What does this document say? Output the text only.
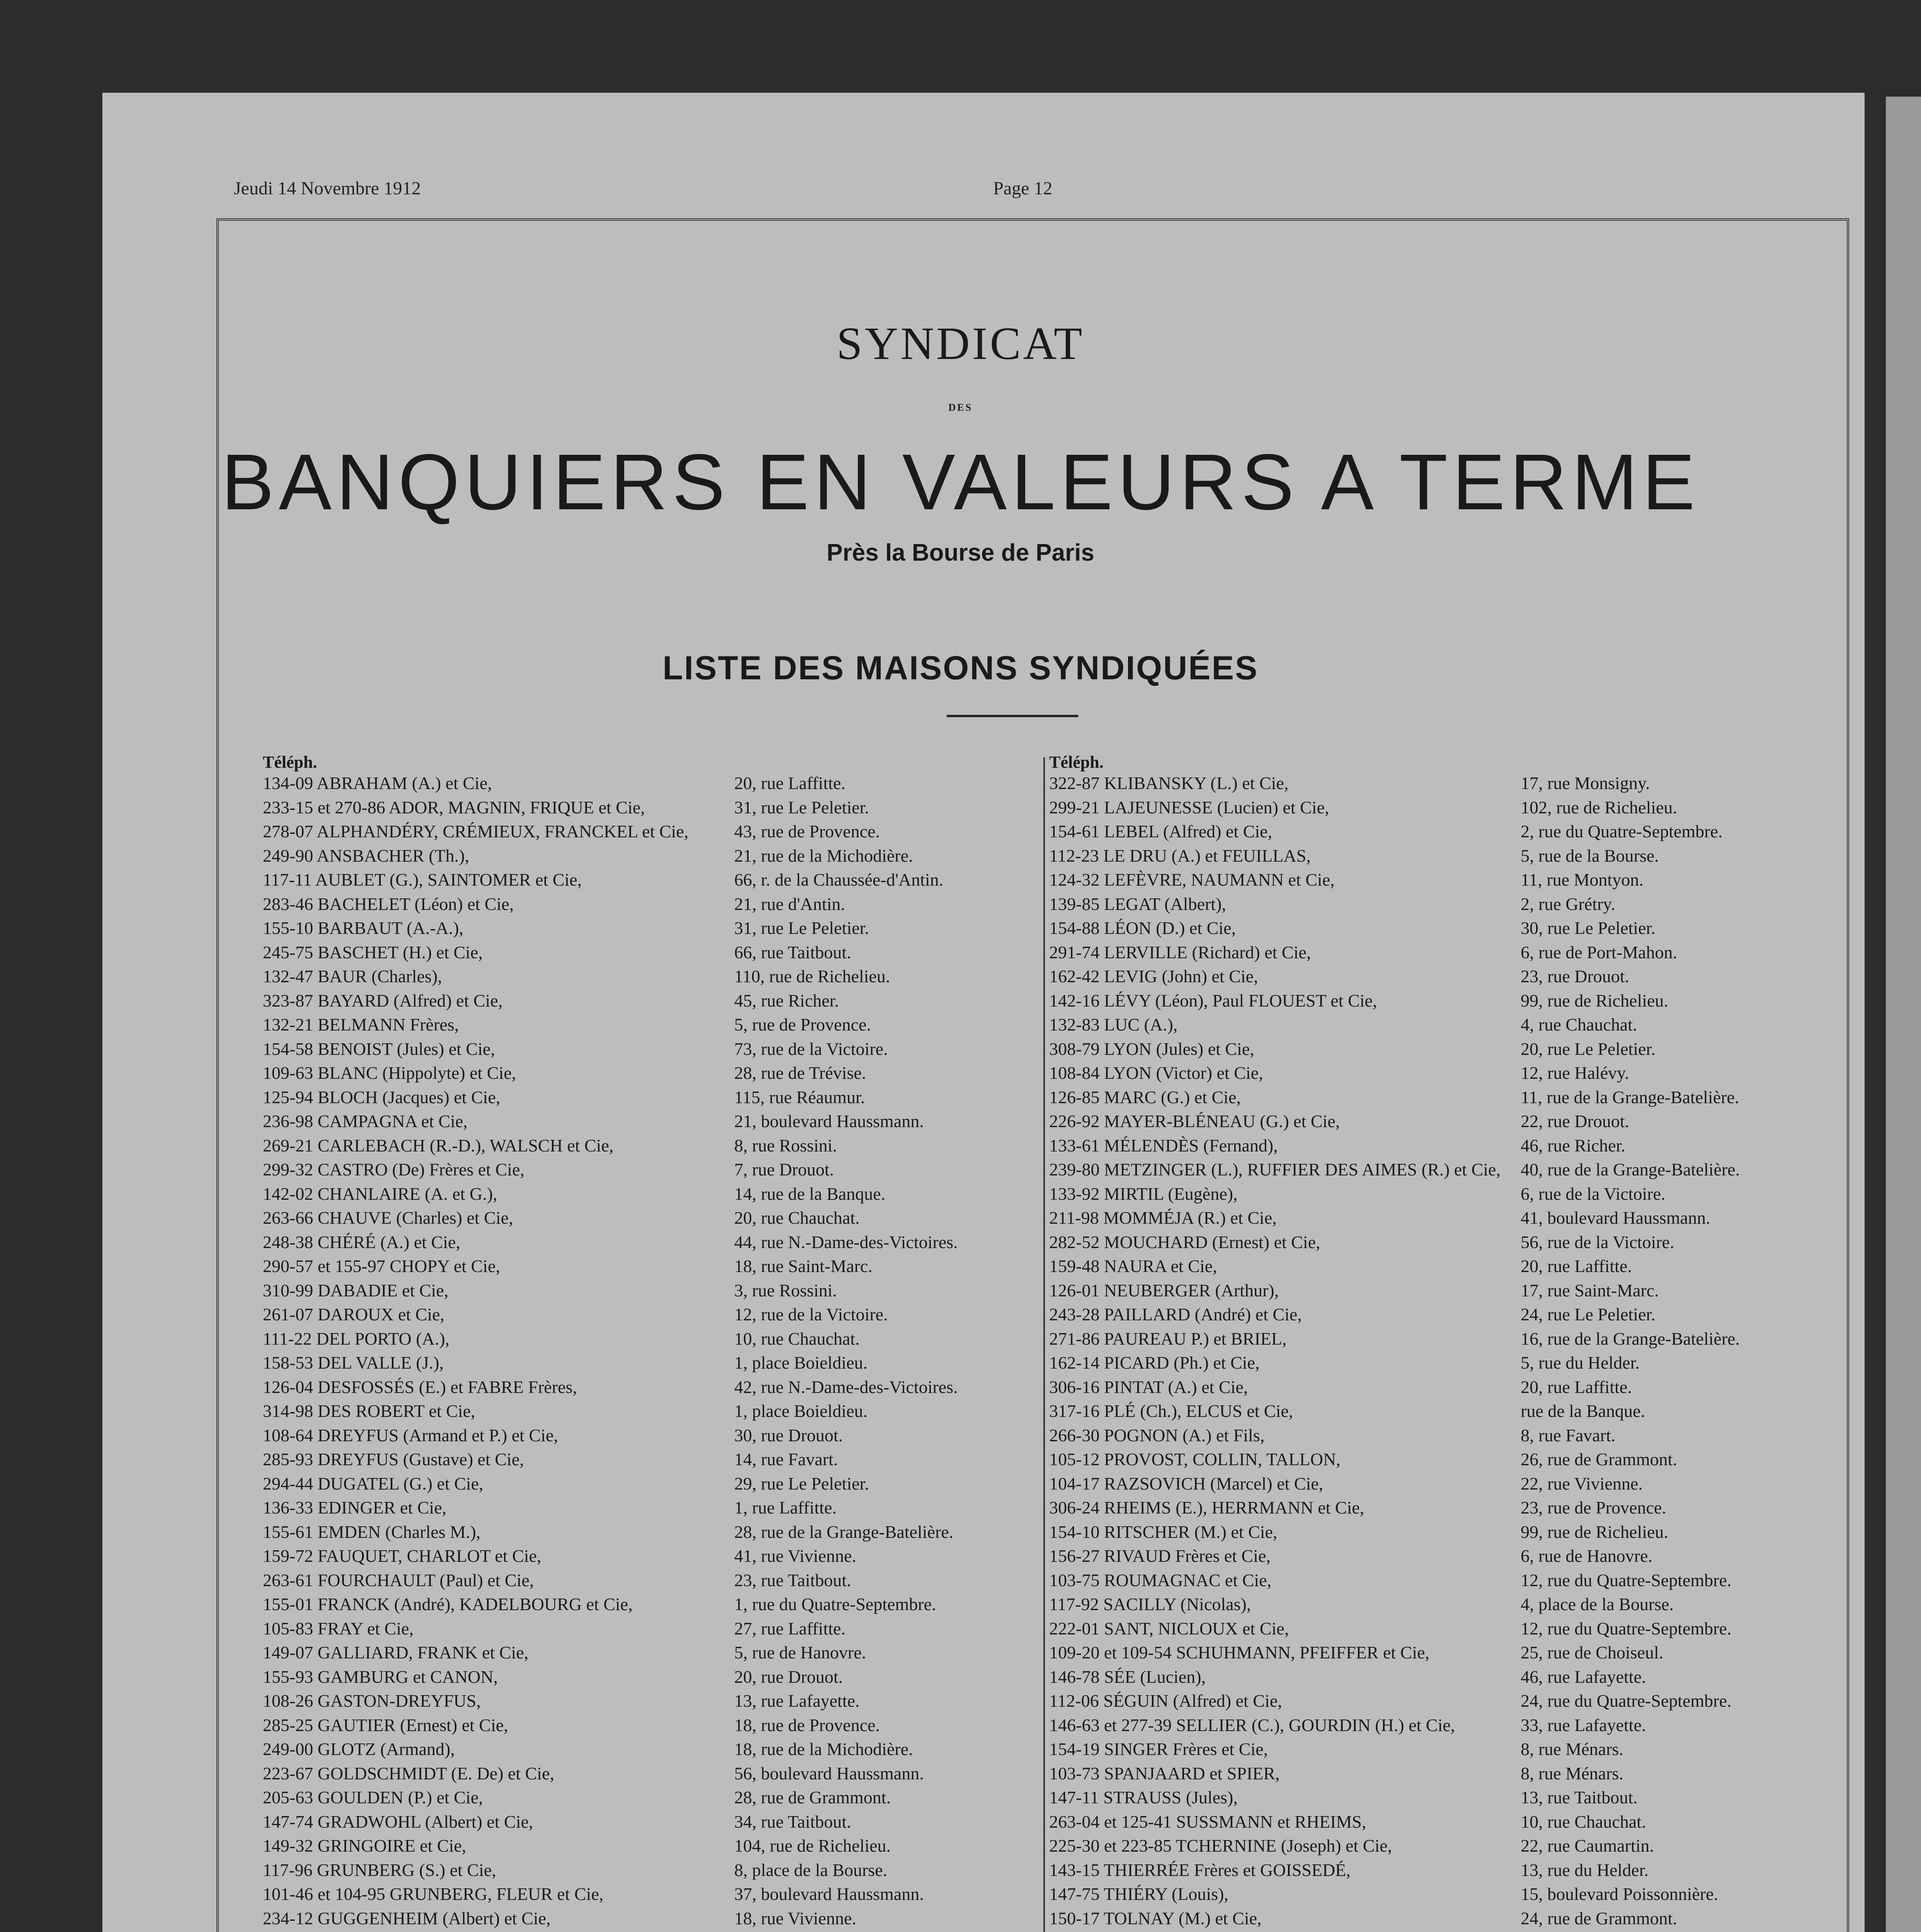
Jeudi 14 Novembre 1912	Page 12
SYNDICAT
DES
BANQUIERS EN VALEURS A TERME
Près la Bourse de Paris
LISTE DES MAISONS SYNDIQUÉES
Téléph.
134-09 ABRAHAM (A.) et Cie,	20, rue Laffitte.
233-15 et 270-86 ADOR, MAGNIN, FRIQUE et Cie,	31, rue Le Peletier.
278-07 ALPHANDÉRY, CRÉMIEUX, FRANCKEL et Cie,	43, rue de Provence.
249-90 ANSBACHER (Th.),	21, rue de la Michodière.
117-11 AUBLET (G.), SAINTOMER et Cie,	66, r. de la Chaussée-d'Antin.
283-46 BACHELET (Léon) et Cie,	21, rue d'Antin.
155-10 BARBAUT (A.-A.),	31, rue Le Peletier.
245-75 BASCHET (H.) et Cie,	66, rue Taitbout.
132-47 BAUR (Charles),	110, rue de Richelieu.
323-87 BAYARD (Alfred) et Cie,	45, rue Richer.
132-21 BELMANN Frères,	5, rue de Provence.
154-58 BENOIST (Jules) et Cie,	73, rue de la Victoire.
109-63 BLANC (Hippolyte) et Cie,	28, rue de Trévise.
125-94 BLOCH (Jacques) et Cie,	115, rue Réaumur.
236-98 CAMPAGNA et Cie,	21, boulevard Haussmann.
269-21 CARLEBACH (R.-D.), WALSCH et Cie,	8, rue Rossini.
299-32 CASTRO (De) Frères et Cie,	7, rue Drouot.
142-02 CHANLAIRE (A. et G.),	14, rue de la Banque.
263-66 CHAUVE (Charles) et Cie,	20, rue Chauchat.
248-38 CHÉRÉ (A.) et Cie,	44, rue N.-Dame-des-Victoires.
290-57 et 155-97 CHOPY et Cie,	18, rue Saint-Marc.
310-99 DABADIE et Cie,	3, rue Rossini.
261-07 DAROUX et Cie,	12, rue de la Victoire.
111-22 DEL PORTO (A.),	10, rue Chauchat.
158-53 DEL VALLE (J.),	1, place Boieldieu.
126-04 DESFOSSÉS (E.) et FABRE Frères,	42, rue N.-Dame-des-Victoires.
314-98 DES ROBERT et Cie,	1, place Boieldieu.
108-64 DREYFUS (Armand et P.) et Cie,	30, rue Drouot.
285-93 DREYFUS (Gustave) et Cie,	14, rue Favart.
294-44 DUGATEL (G.) et Cie,	29, rue Le Peletier.
136-33 EDINGER et Cie,	1, rue Laffitte.
155-61 EMDEN (Charles M.),	28, rue de la Grange-Batelière.
159-72 FAUQUET, CHARLOT et Cie,	41, rue Vivienne.
263-61 FOURCHAULT (Paul) et Cie,	23, rue Taitbout.
155-01 FRANCK (André), KADELBOURG et Cie,	1, rue du Quatre-Septembre.
105-83 FRAY et Cie,	27, rue Laffitte.
149-07 GALLIARD, FRANK et Cie,	5, rue de Hanovre.
155-93 GAMBURG et CANON,	20, rue Drouot.
108-26 GASTON-DREYFUS,	13, rue Lafayette.
285-25 GAUTIER (Ernest) et Cie,	18, rue de Provence.
249-00 GLOTZ (Armand),	18, rue de la Michodière.
223-67 GOLDSCHMIDT (E. De) et Cie,	56, boulevard Haussmann.
205-63 GOULDEN (P.) et Cie,	28, rue de Grammont.
147-74 GRADWOHL (Albert) et Cie,	34, rue Taitbout.
149-32 GRINGOIRE et Cie,	104, rue de Richelieu.
117-96 GRUNBERG (S.) et Cie,	8, place de la Bourse.
101-46 et 104-95 GRUNBERG, FLEUR et Cie,	37, boulevard Haussmann.
234-12 GUGGENHEIM (Albert) et Cie,	18, rue Vivienne.
Téléph.
322-87 KLIBANSKY (L.) et Cie,	17, rue Monsigny.
299-21 LAJEUNESSE (Lucien) et Cie,	102, rue de Richelieu.
154-61 LEBEL (Alfred) et Cie,	2, rue du Quatre-Septembre.
112-23 LE DRU (A.) et FEUILLAS,	5, rue de la Bourse.
124-32 LEFÈVRE, NAUMANN et Cie,	11, rue Montyon.
139-85 LEGAT (Albert),	2, rue Grétry.
154-88 LÉON (D.) et Cie,	30, rue Le Peletier.
291-74 LERVILLE (Richard) et Cie,	6, rue de Port-Mahon.
162-42 LEVIG (John) et Cie,	23, rue Drouot.
142-16 LÉVY (Léon), Paul FLOUEST et Cie,	99, rue de Richelieu.
132-83 LUC (A.),	4, rue Chauchat.
308-79 LYON (Jules) et Cie,	20, rue Le Peletier.
108-84 LYON (Victor) et Cie,	12, rue Halévy.
126-85 MARC (G.) et Cie,	11, rue de la Grange-Batelière.
226-92 MAYER-BLÉNEAU (G.) et Cie,	22, rue Drouot.
133-61 MÉLENDÈS (Fernand),	46, rue Richer.
239-80 METZINGER (L.), RUFFIER DES AIMES (R.) et Cie, 40, rue de la Grange-Batelière.
133-92 MIRTIL (Eugène),	6, rue de la Victoire.
211-98 MOMMÉJA (R.) et Cie,	41, boulevard Haussmann.
282-52 MOUCHARD (Ernest) et Cie,	56, rue de la Victoire.
159-48 NAURA et Cie,	20, rue Laffitte.
126-01 NEUBERGER (Arthur),	17, rue Saint-Marc.
243-28 PAILLARD (André) et Cie,	24, rue Le Peletier.
271-86 PAUREAU P.) et BRIEL,	16, rue de la Grange-Batelière.
162-14 PICARD (Ph.) et Cie,	5, rue du Helder.
306-16 PINTAT (A.) et Cie,	20, rue Laffitte.
317-16 PLÉ (Ch.), ELCUS et Cie,	rue de la Banque.
266-30 POGNON (A.) et Fils,	8, rue Favart.
105-12 PROVOST, COLLIN, TALLON,	26, rue de Grammont.
104-17 RAZSOVICH (Marcel) et Cie,	22, rue Vivienne.
306-24 RHEIMS (E.), HERRMANN et Cie,	23, rue de Provence.
154-10 RITSCHER (M.) et Cie,	99, rue de Richelieu.
156-27 RIVAUD Frères et Cie,	6, rue de Hanovre.
103-75 ROUMAGNAC et Cie,	12, rue du Quatre-Septembre.
117-92 SACILLY (Nicolas),	4, place de la Bourse.
222-01 SANT, NICLOUX et Cie,	12, rue du Quatre-Septembre.
109-20 et 109-54 SCHUHMANN, PFEIFFER et Cie,	25, rue de Choiseul.
146-78 SÉE (Lucien),	46, rue Lafayette.
112-06 SÉGUIN (Alfred) et Cie,	24, rue du Quatre-Septembre.
146-63 et 277-39 SELLIER (C.), GOURDIN (H.) et Cie,	33, rue Lafayette.
154-19 SINGER Frères et Cie,	8, rue Ménars.
103-73 SPANJAARD et SPIER,	8, rue Ménars.
147-11 STRAUSS (Jules),	13, rue Taitbout.
263-04 et 125-41 SUSSMANN et RHEIMS,	10, rue Chauchat.
225-30 et 223-85 TCHERNINE (Joseph) et Cie,	22, rue Caumartin.
143-15 THIERRÉE Frères et GOISSEDÉ,	13, rue du Helder.
147-75 THIÉRY (Louis),	15, boulevard Poissonnière.
150-17 TOLNAY (M.) et Cie,	24, rue de Grammont.
